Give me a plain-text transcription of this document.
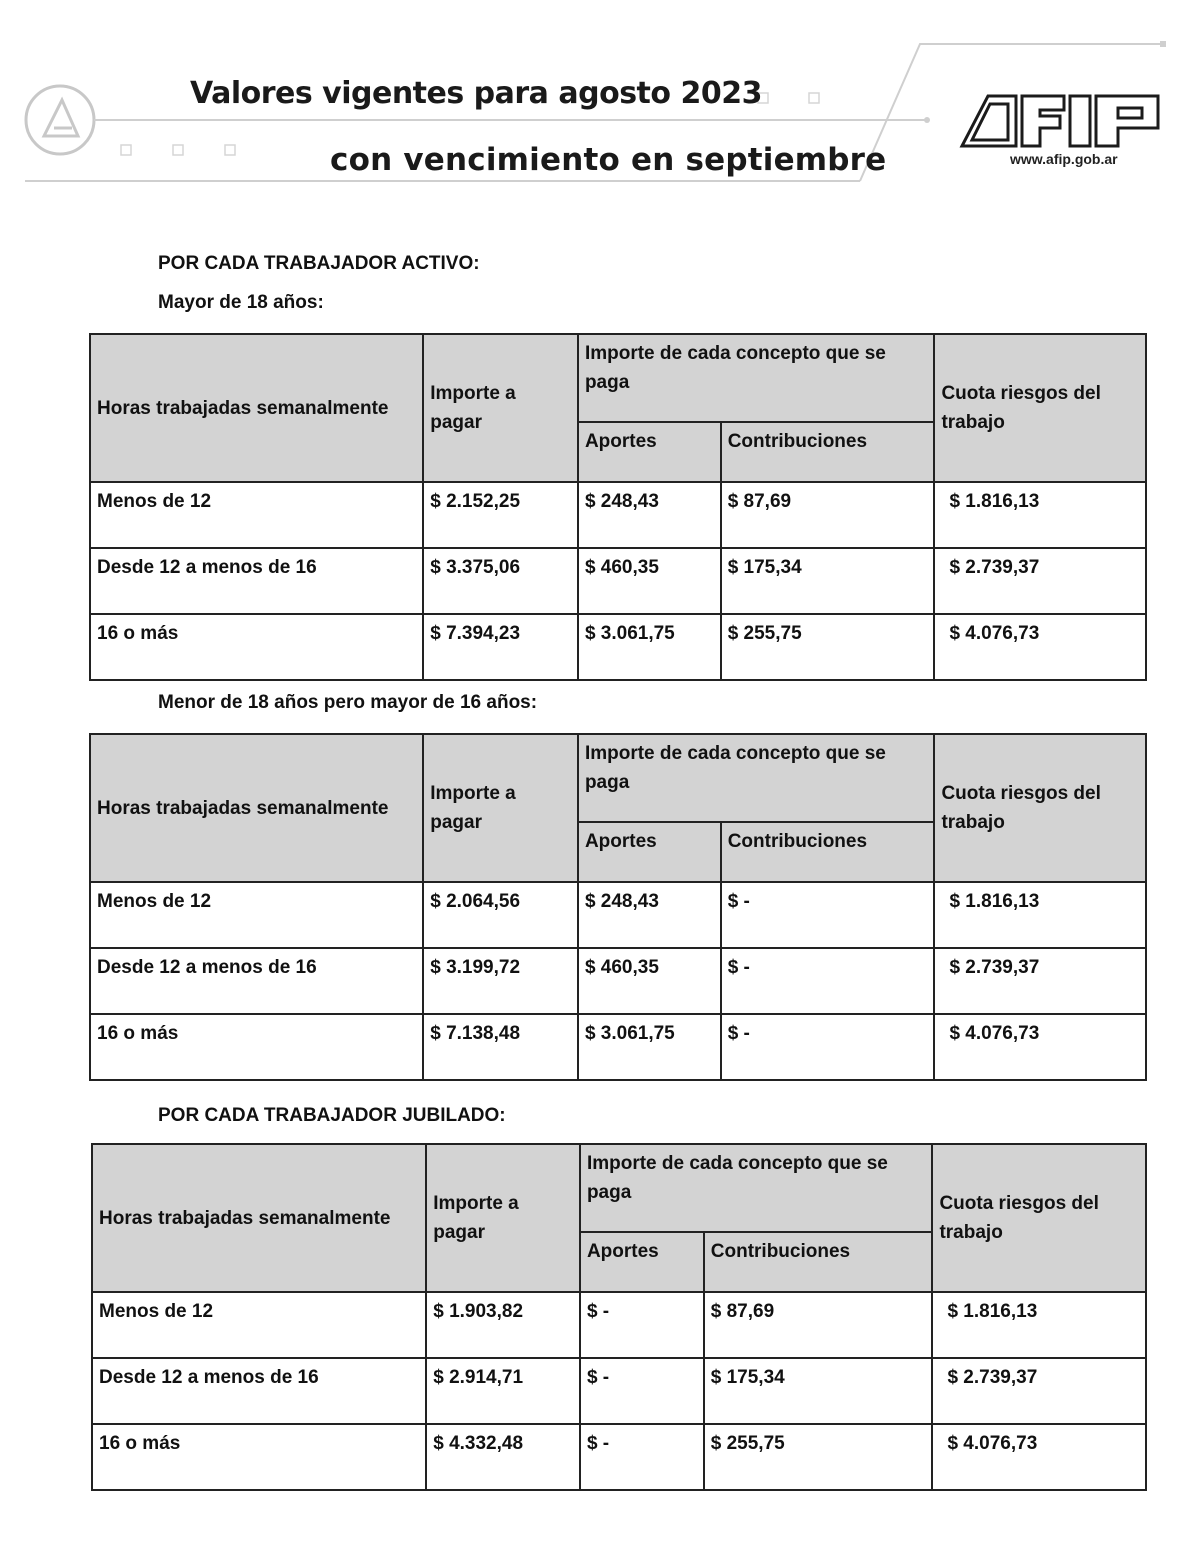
Valores vigentes para agosto 2023
con vencimiento en septiembre	www.afip.gob.ar

POR CADA TRABAJADOR ACTIVO:

Mayor de 18 años:

Horas trabajadas semanalmente	Importe a pagar	Importe de cada concepto que se paga		Cuota riesgos del trabajo
		Aportes	Contribuciones	
Menos de 12	$ 2.152,25	$ 248,43	$ 87,69	$ 1.816,13
Desde 12 a menos de 16	$ 3.375,06	$ 460,35	$ 175,34	$ 2.739,37
16 o más	$ 7.394,23	$ 3.061,75	$ 255,75	$ 4.076,73

Menor de 18 años pero mayor de 16 años:

Horas trabajadas semanalmente	Importe a pagar	Importe de cada concepto que se paga		Cuota riesgos del trabajo
		Aportes	Contribuciones	
Menos de 12	$ 2.064,56	$ 248,43	$ -	$ 1.816,13
Desde 12 a menos de 16	$ 3.199,72	$ 460,35	$ -	$ 2.739,37
16 o más	$ 7.138,48	$ 3.061,75	$ -	$ 4.076,73

POR CADA TRABAJADOR JUBILADO:

Horas trabajadas semanalmente	Importe a pagar	Importe de cada concepto que se paga		Cuota riesgos del trabajo
		Aportes	Contribuciones	
Menos de 12	$ 1.903,82	$ -	$ 87,69	$ 1.816,13
Desde 12 a menos de 16	$ 2.914,71	$ -	$ 175,34	$ 2.739,37
16 o más	$ 4.332,48	$ -	$ 255,75	$ 4.076,73
